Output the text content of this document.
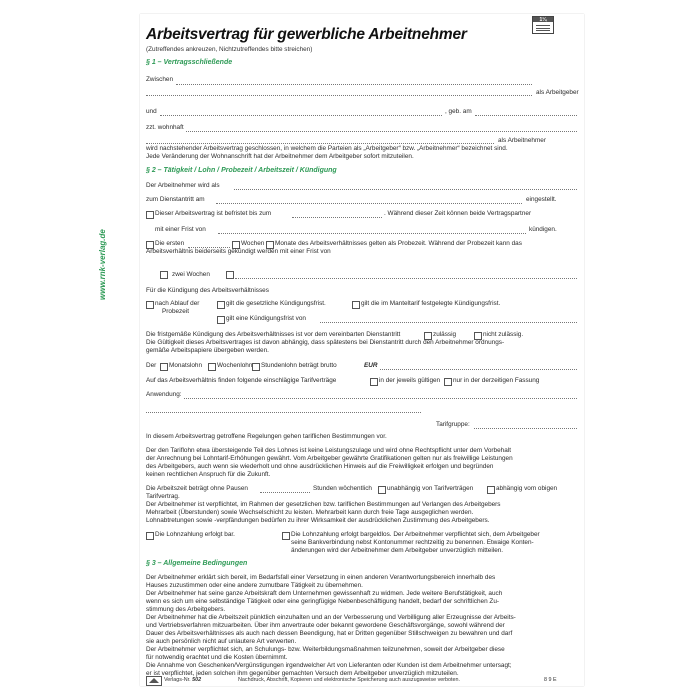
www.rnk-verlag.de
1¼
Arbeitsvertrag für gewerbliche Arbeitnehmer
(Zutreffendes ankreuzen, Nichtzutreffendes bitte streichen)
§ 1 – Vertragsschließende
Zwischen
als Arbeitgeber
und	, geb. am
zzt. wohnhaft
als Arbeitnehmer
wird nachstehender Arbeitsvertrag geschlossen, in welchem die Parteien als „Arbeitgeber“ bzw. „Arbeitnehmer“ bezeichnet sind.
Jede Veränderung der Wohnanschrift hat der Arbeitnehmer dem Arbeitgeber sofort mitzuteilen.
§ 2 – Tätigkeit / Lohn / Probezeit / Arbeitszeit / Kündigung
Der Arbeitnehmer wird als
zum Dienstantritt am	eingestellt.
Dieser Arbeitsvertrag ist befristet bis zum	. Während dieser Zeit können beide Vertragspartner
mit einer Frist von	kündigen.
Die ersten	Wochen Monate des Arbeitsverhältnisses gelten als Probezeit. Während der Probezeit kann das
Arbeitsverhältnis beiderseits gekündigt werden mit einer Frist von
zwei Wochen
Für die Kündigung des Arbeitsverhältnisses
nach Ablauf der
Probezeit
gilt die gesetzliche Kündigungsfrist.	gilt die im Manteltarif festgelegte Kündigungsfrist.
gilt eine Kündigungsfrist von
Die fristgemäße Kündigung des Arbeitsverhältnisses ist vor dem vereinbarten Dienstantritt	zulässig	nicht zulässig.
Die Gültigkeit dieses Arbeitsvertrages ist davon abhängig, dass spätestens bei Dienstantritt durch den Arbeitnehmer ordnungs-
gemäße Arbeitspapiere übergeben werden.
Der Monatslohn Wochenlohn Stundenlohn beträgt brutto	EUR
Auf das Arbeitsverhältnis finden folgende einschlägige Tarifverträge	in der jeweils gültigen nur in der derzeitigen Fassung
Anwendung:
Tarifgruppe:
In diesem Arbeitsvertrag getroffene Regelungen gehen tariflichen Bestimmungen vor.
Der den Tariflohn etwa übersteigende Teil des Lohnes ist keine Leistungszulage und wird ohne Rechtspflicht unter dem Vorbehalt
der Anrechnung bei Lohntarif-Erhöhungen gewährt. Vom Arbeitgeber gewährte Gratifikationen gelten nur als freiwillige Leistungen
des Arbeitgebers, auch wenn sie wiederholt und ohne ausdrücklichen Hinweis auf die Freiwilligkeit erfolgen und begründen
keinen rechtlichen Anspruch für die Zukunft.
Die Arbeitszeit beträgt ohne Pausen	Stunden wöchentlich unabhängig von Tarifverträgen	abhängig vom obigen
Tarifvertrag.
Der Arbeitnehmer ist verpflichtet, im Rahmen der gesetzlichen bzw. tariflichen Bestimmungen auf Verlangen des Arbeitgebers
Mehrarbeit (Überstunden) sowie Wechselschicht zu leisten. Mehrarbeit kann durch freie Tage ausgeglichen werden.
Lohnabtretungen sowie -verpfändungen bedürfen zu ihrer Wirksamkeit der ausdrücklichen Zustimmung des Arbeitgebers.
Die Lohnzahlung erfolgt bar.	Die Lohnzahlung erfolgt bargeldlos. Der Arbeitnehmer verpflichtet sich, dem Arbeitgeber
seine Bankverbindung nebst Kontonummer rechtzeitig zu benennen. Etwaige Konten-
änderungen wird der Arbeitnehmer dem Arbeitgeber unverzüglich mitteilen.
§ 3 – Allgemeine Bedingungen
Der Arbeitnehmer erklärt sich bereit, im Bedarfsfall einer Versetzung in einen anderen Verantwortungsbereich innerhalb des
Hauses zuzustimmen oder eine andere zumutbare Tätigkeit zu übernehmen.
Der Arbeitnehmer hat seine ganze Arbeitskraft dem Unternehmen gewissenhaft zu widmen. Jede weitere Berufstätigkeit, auch
wenn es sich um eine selbständige Tätigkeit oder eine geringfügige Nebenbeschäftigung handelt, bedarf der schriftlichen Zu-
stimmung des Arbeitgebers.
Der Arbeitnehmer hat die Arbeitszeit pünktlich einzuhalten und an der Verbesserung und Verbilligung aller Erzeugnisse der Arbeits-
und Vertriebsverfahren mitzuarbeiten. Über ihm anvertraute oder bekannt gewordene Geschäftsvorgänge, sowohl während der
Dauer des Arbeitsverhältnisses als auch nach dessen Beendigung, hat er Dritten gegenüber Stillschweigen zu bewahren und darf
sie auch persönlich nicht auf unlautere Art verwerten.
Der Arbeitnehmer verpflichtet sich, an Schulungs- bzw. Weiterbildungsmaßnahmen teilzunehmen, soweit der Arbeitgeber diese
für notwendig erachtet und die Kosten übernimmt.
Die Annahme von Geschenken/Vergünstigungen irgendwelcher Art von Lieferanten oder Kunden ist dem Arbeitnehmer untersagt;
er ist verpflichtet, jeden solchen ihm gegenüber gemachten Versuch dem Arbeitgeber unverzüglich mitzuteilen.
Verlags-Nr. 502	Nachdruck, Abschrift, Kopieren und elektronische Speicherung auch auszugsweise verboten.	8 9 E
